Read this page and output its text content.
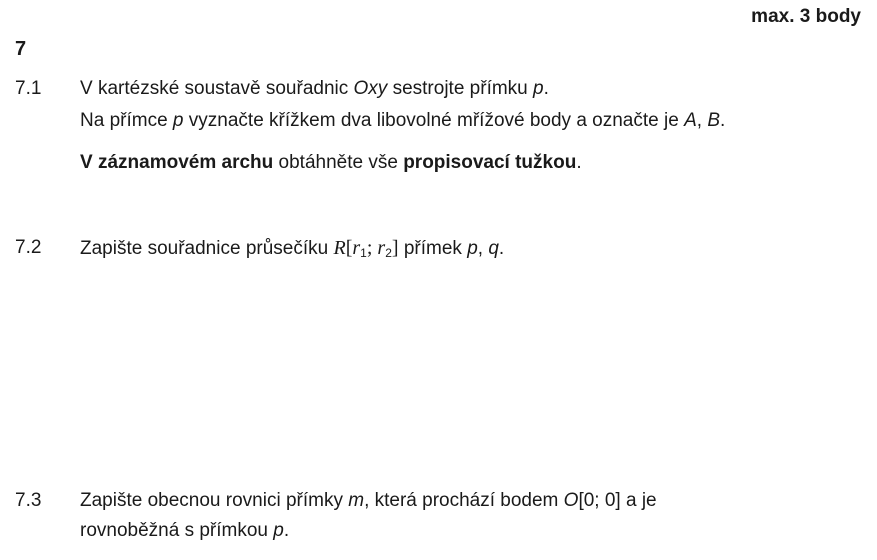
max. 3 body
7
7.1 V kartézské soustavě souřadnic Oxy sestrojte přímku p.
Na přímce p vyznačte křížkem dva libovolné mřížové body a označte je A, B.
V záznamovém archu obtáhněte vše propisovací tužkou.
7.2 Zapište souřadnice průsečíku $R[r_1$; $r_2$] přímek p, q.
7.3 Zapište obecnou rovnici přímky m, která prochází bodem O[0; 0] a je
rovnoběžná s přímkou p.
